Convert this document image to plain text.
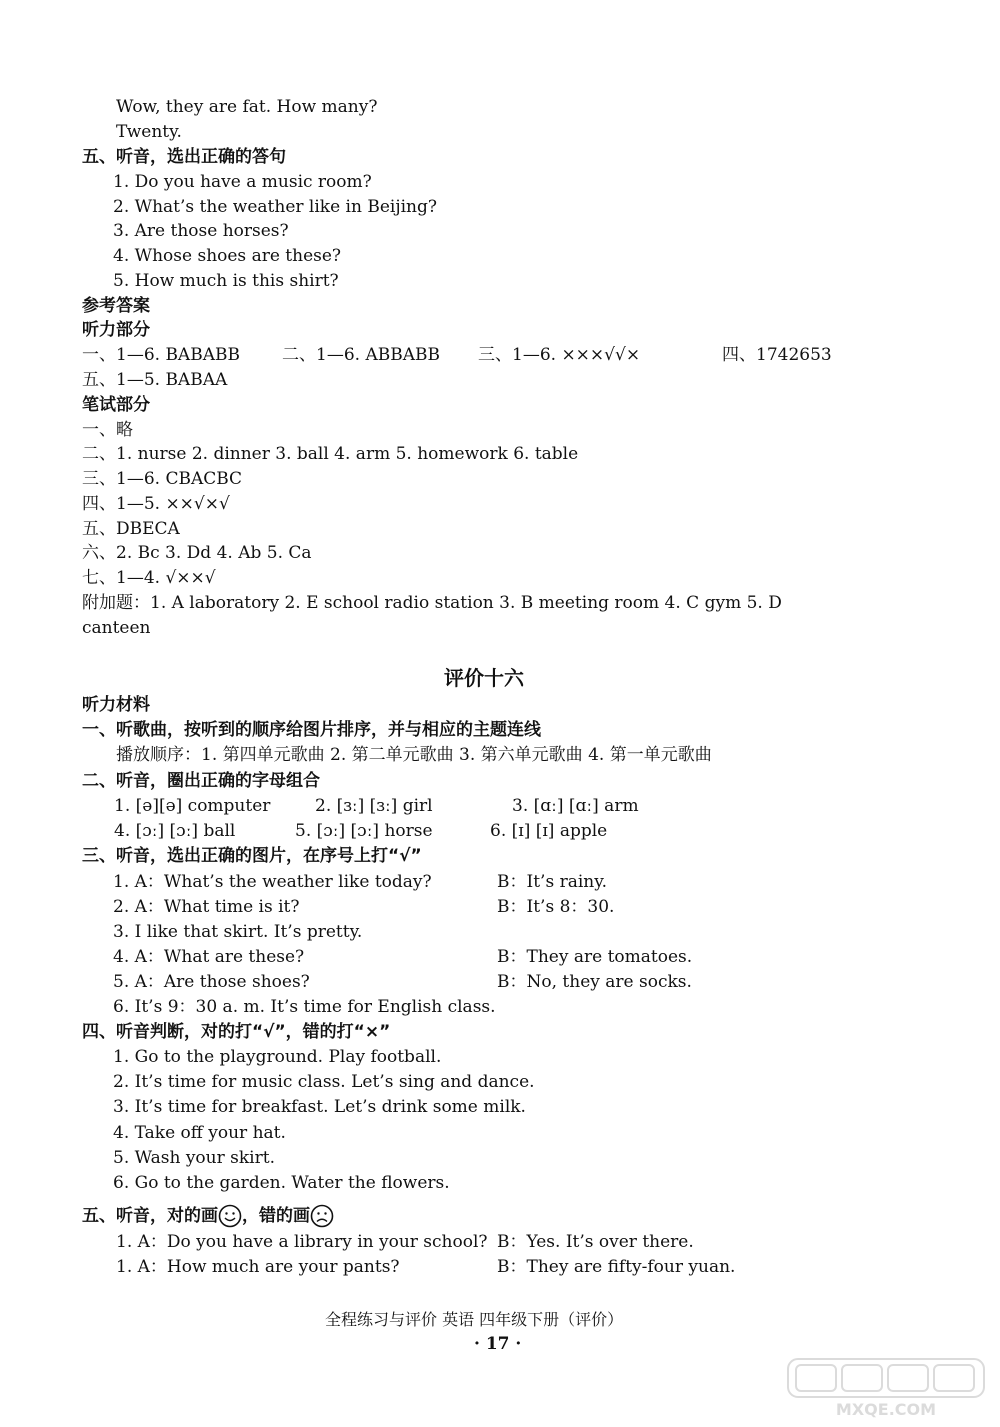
Wow, they are fat. How many?
Twenty.
五、听音，选出正确的答句
1. Do you have a music room?
2. What’s the weather like in Beijing?
3. Are those horses?
4. Whose shoes are these?
5. How much is this shirt?
参考答案
听力部分
一、1—6. BABABB 二、1—6. ABBABB 三、1—6. ×××√√×	四、1742653
五、1—5. BABAA
笔试部分
一、略
二、1. nurse 2. dinner 3. ball 4. arm 5. homework 6. table
三、1—6. CBACBC
四、1—5. ××√×√
五、DBECA
六、2. Bc 3. Dd 4. Ab 5. Ca
七、1—4. √××√
附加题：1. A laboratory 2. E school radio station 3. B meeting room 4. C gym 5. D
canteen
评价十六
听力材料
一、听歌曲，按听到的顺序给图片排序，并与相应的主题连线
播放顺序：1. 第四单元歌曲 2. 第二单元歌曲 3. 第六单元歌曲 4. 第一单元歌曲
二、听音，圈出正确的字母组合
1. [ə][ə] computer	2. [ɜː] [ɜː] girl	3. [ɑː] [ɑː] arm
4. [ɔː] [ɔː] ball	5. [ɔː] [ɔː] horse	6. [ɪ] [ɪ] apple
三、听音，选出正确的图片，在序号上打“√”
1. A：What’s the weather like today?	B：It’s rainy.
2. A：What time is it?	B：It’s 8：30.
3. I like that skirt. It’s pretty.
4. A：What are these?	B：They are tomatoes.
5. A：Are those shoes?	B：No, they are socks.
6. It’s 9：30 a. m. It’s time for English class.
四、听音判断，对的打“√”，错的打“×”
1. Go to the playground. Play football.
2. It’s time for music class. Let’s sing and dance.
3. It’s time for breakfast. Let’s drink some milk.
4. Take off your hat.
5. Wash your skirt.
6. Go to the garden. Water the flowers.
五、听音，对的画 ，错的画
1. A：Do you have a library in your school? B：Yes. It’s over there.
1. A：How much are your pants?	B：They are fifty-four yuan.
全程练习与评价 英语 四年级下册（评价）
· 17 ·
MXQE.COM
